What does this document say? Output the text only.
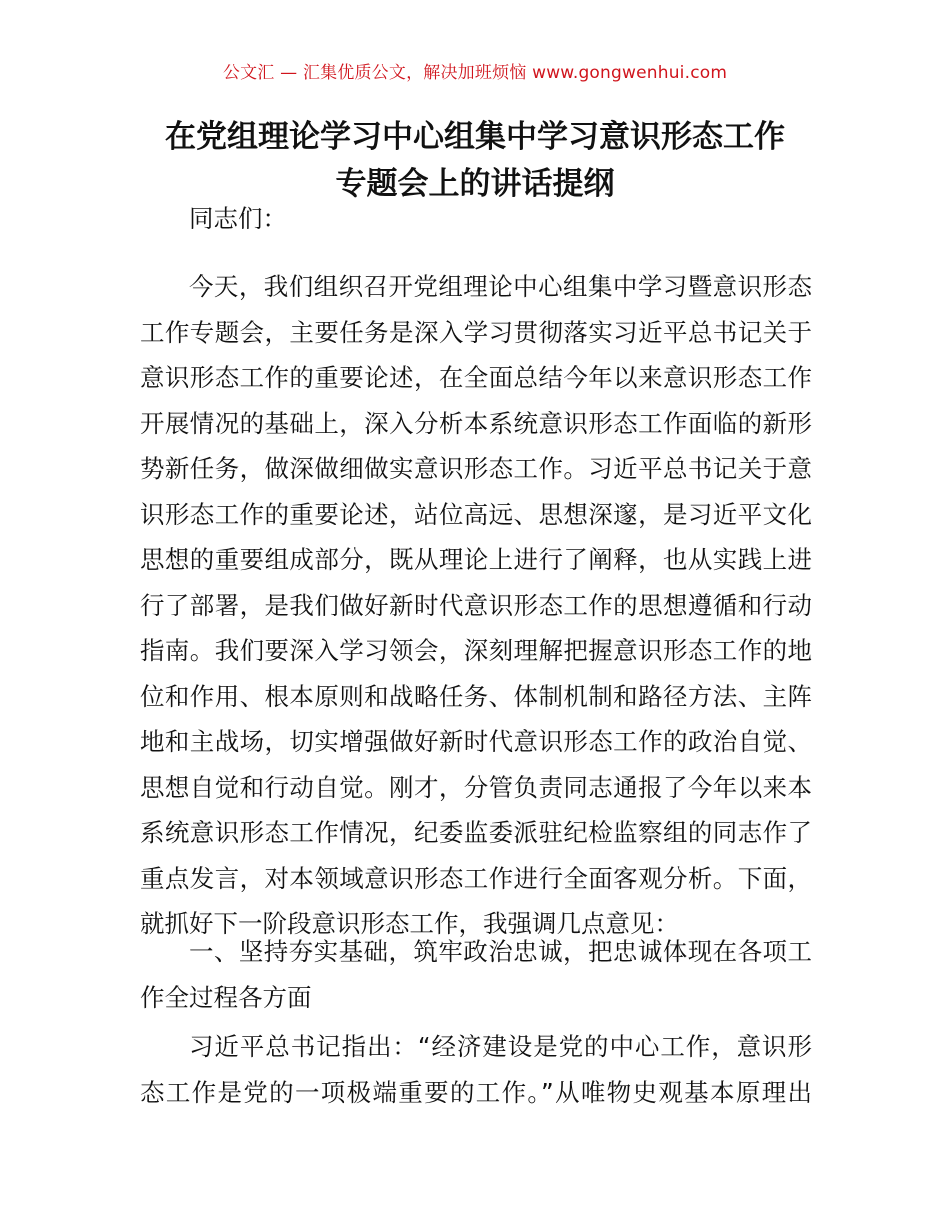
公文汇 — 汇集优质公文，解决加班烦恼 www.gongwenhui.com
在党组理论学习中心组集中学习意识形态工作
专题会上的讲话提纲
同志们：
今天，我们组织召开党组理论中心组集中学习暨意识形态
工作专题会，主要任务是深入学习贯彻落实习近平总书记关于
意识形态工作的重要论述，在全面总结今年以来意识形态工作
开展情况的基础上，深入分析本系统意识形态工作面临的新形
势新任务，做深做细做实意识形态工作。习近平总书记关于意
识形态工作的重要论述，站位高远、思想深邃，是习近平文化
思想的重要组成部分，既从理论上进行了阐释，也从实践上进
行了部署，是我们做好新时代意识形态工作的思想遵循和行动
指南。我们要深入学习领会，深刻理解把握意识形态工作的地
位和作用、根本原则和战略任务、体制机制和路径方法、主阵
地和主战场，切实增强做好新时代意识形态工作的政治自觉、
思想自觉和行动自觉。刚才，分管负责同志通报了今年以来本
系统意识形态工作情况，纪委监委派驻纪检监察组的同志作了
重点发言，对本领域意识形态工作进行全面客观分析。下面，
就抓好下一阶段意识形态工作，我强调几点意见：
一、坚持夯实基础，筑牢政治忠诚，把忠诚体现在各项工
作全过程各方面
习近平总书记指出：“经济建设是党的中心工作，意识形
态工作是党的一项极端重要的工作。”从唯物史观基本原理出
